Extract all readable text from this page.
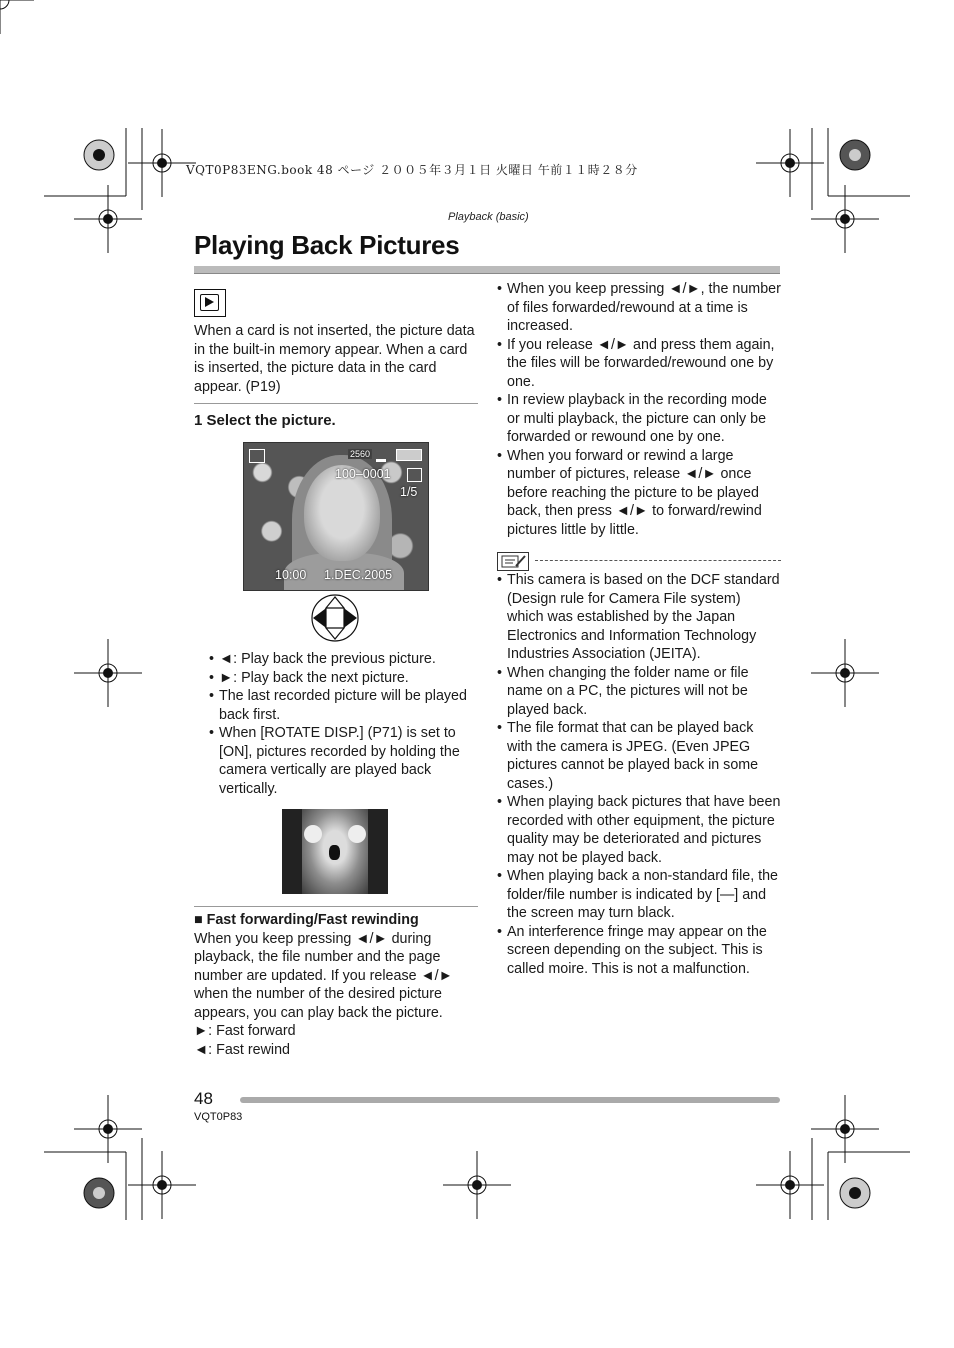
VQT0P83ENG.book 48 ページ ２００５年３月１日 火曜日 午前１１時２８分
Playback (basic)
Playing Back Pictures

When a card is not inserted, the picture data in the built-in memory appear. When a card is inserted, the picture data in the card appear. (P19)

1 Select the picture.

2560
100–0001
1/5
10:00 1.DEC.2005

• ◄: Play back the previous picture.

• ►: Play back the next picture.

• The last recorded picture will be played back first.

• When [ROTATE DISP.] (P71) is set to [ON], pictures recorded by holding the camera vertically are played back vertically.

■ Fast forwarding/Fast rewinding

When you keep pressing ◄/► during playback, the file number and the page number are updated. If you release ◄/► when the number of the desired picture appears, you can play back the picture.

►: Fast forward

◄: Fast rewind

• When you keep pressing ◄/►, the number of files forwarded/rewound at a time is increased.

• If you release ◄/► and press them again, the files will be forwarded/rewound one by one.

• In review playback in the recording mode or multi playback, the picture can only be forwarded or rewound one by one.

• When you forward or rewind a large number of pictures, release ◄/► once before reaching the picture to be played back, then press ◄/► to forward/rewind pictures little by little.

• This camera is based on the DCF standard (Design rule for Camera File system) which was established by the Japan Electronics and Information Technology Industries Association (JEITA).

• When changing the folder name or file name on a PC, the pictures will not be played back.

• The file format that can be played back with the camera is JPEG. (Even JPEG pictures cannot be played back in some cases.)

• When playing back pictures that have been recorded with other equipment, the picture quality may be deteriorated and pictures may not be played back.

• When playing back a non-standard file, the folder/file number is indicated by [—] and the screen may turn black.

• An interference fringe may appear on the screen depending on the subject. This is called moire. This is not a malfunction.

48
VQT0P83
